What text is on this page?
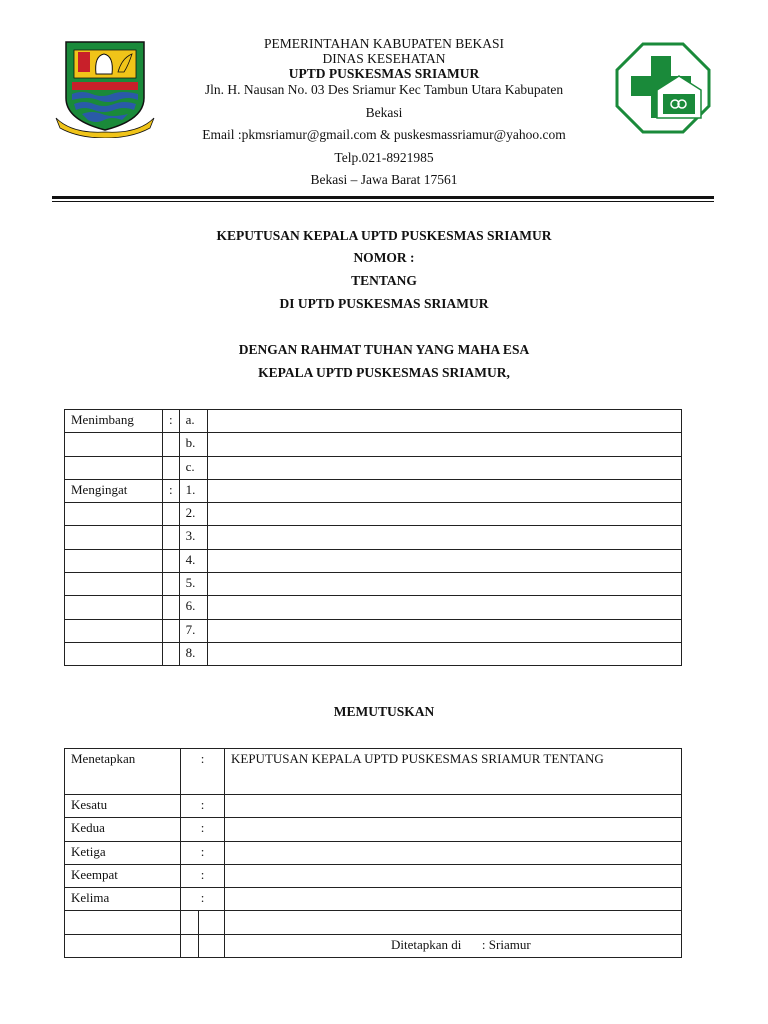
PEMERINTAHAN KABUPATEN BEKASI
DINAS KESEHATAN
UPTD PUSKESMAS SRIAMUR
Jln. H. Nausan No. 03 Des Sriamur Kec Tambun Utara Kabupaten
Bekasi
Email :pkmsriamur@gmail.com & puskesmassriamur@yahoo.com
Telp.021-8921985
Bekasi – Jawa Barat 17561
KEPUTUSAN KEPALA UPTD PUSKESMAS SRIAMUR
NOMOR :
TENTANG
DI UPTD PUSKESMAS SRIAMUR
DENGAN RAHMAT TUHAN YANG MAHA ESA
KEPALA UPTD PUSKESMAS SRIAMUR,
Menimbang	:	a.	
		b.	
		c.	
Mengingat	:	1.	
		2.	
		3.	
		4.	
		5.	
		6.	
		7.	
		8.	
MEMUTUSKAN
Menetapkan	:		KEPUTUSAN KEPALA UPTD PUSKESMAS SRIAMUR TENTANG
Kesatu	:		
Kedua	:		
Ketiga	:		
Keempat	:		
Kelima	:		

			Ditetapkan di : Sriamur
